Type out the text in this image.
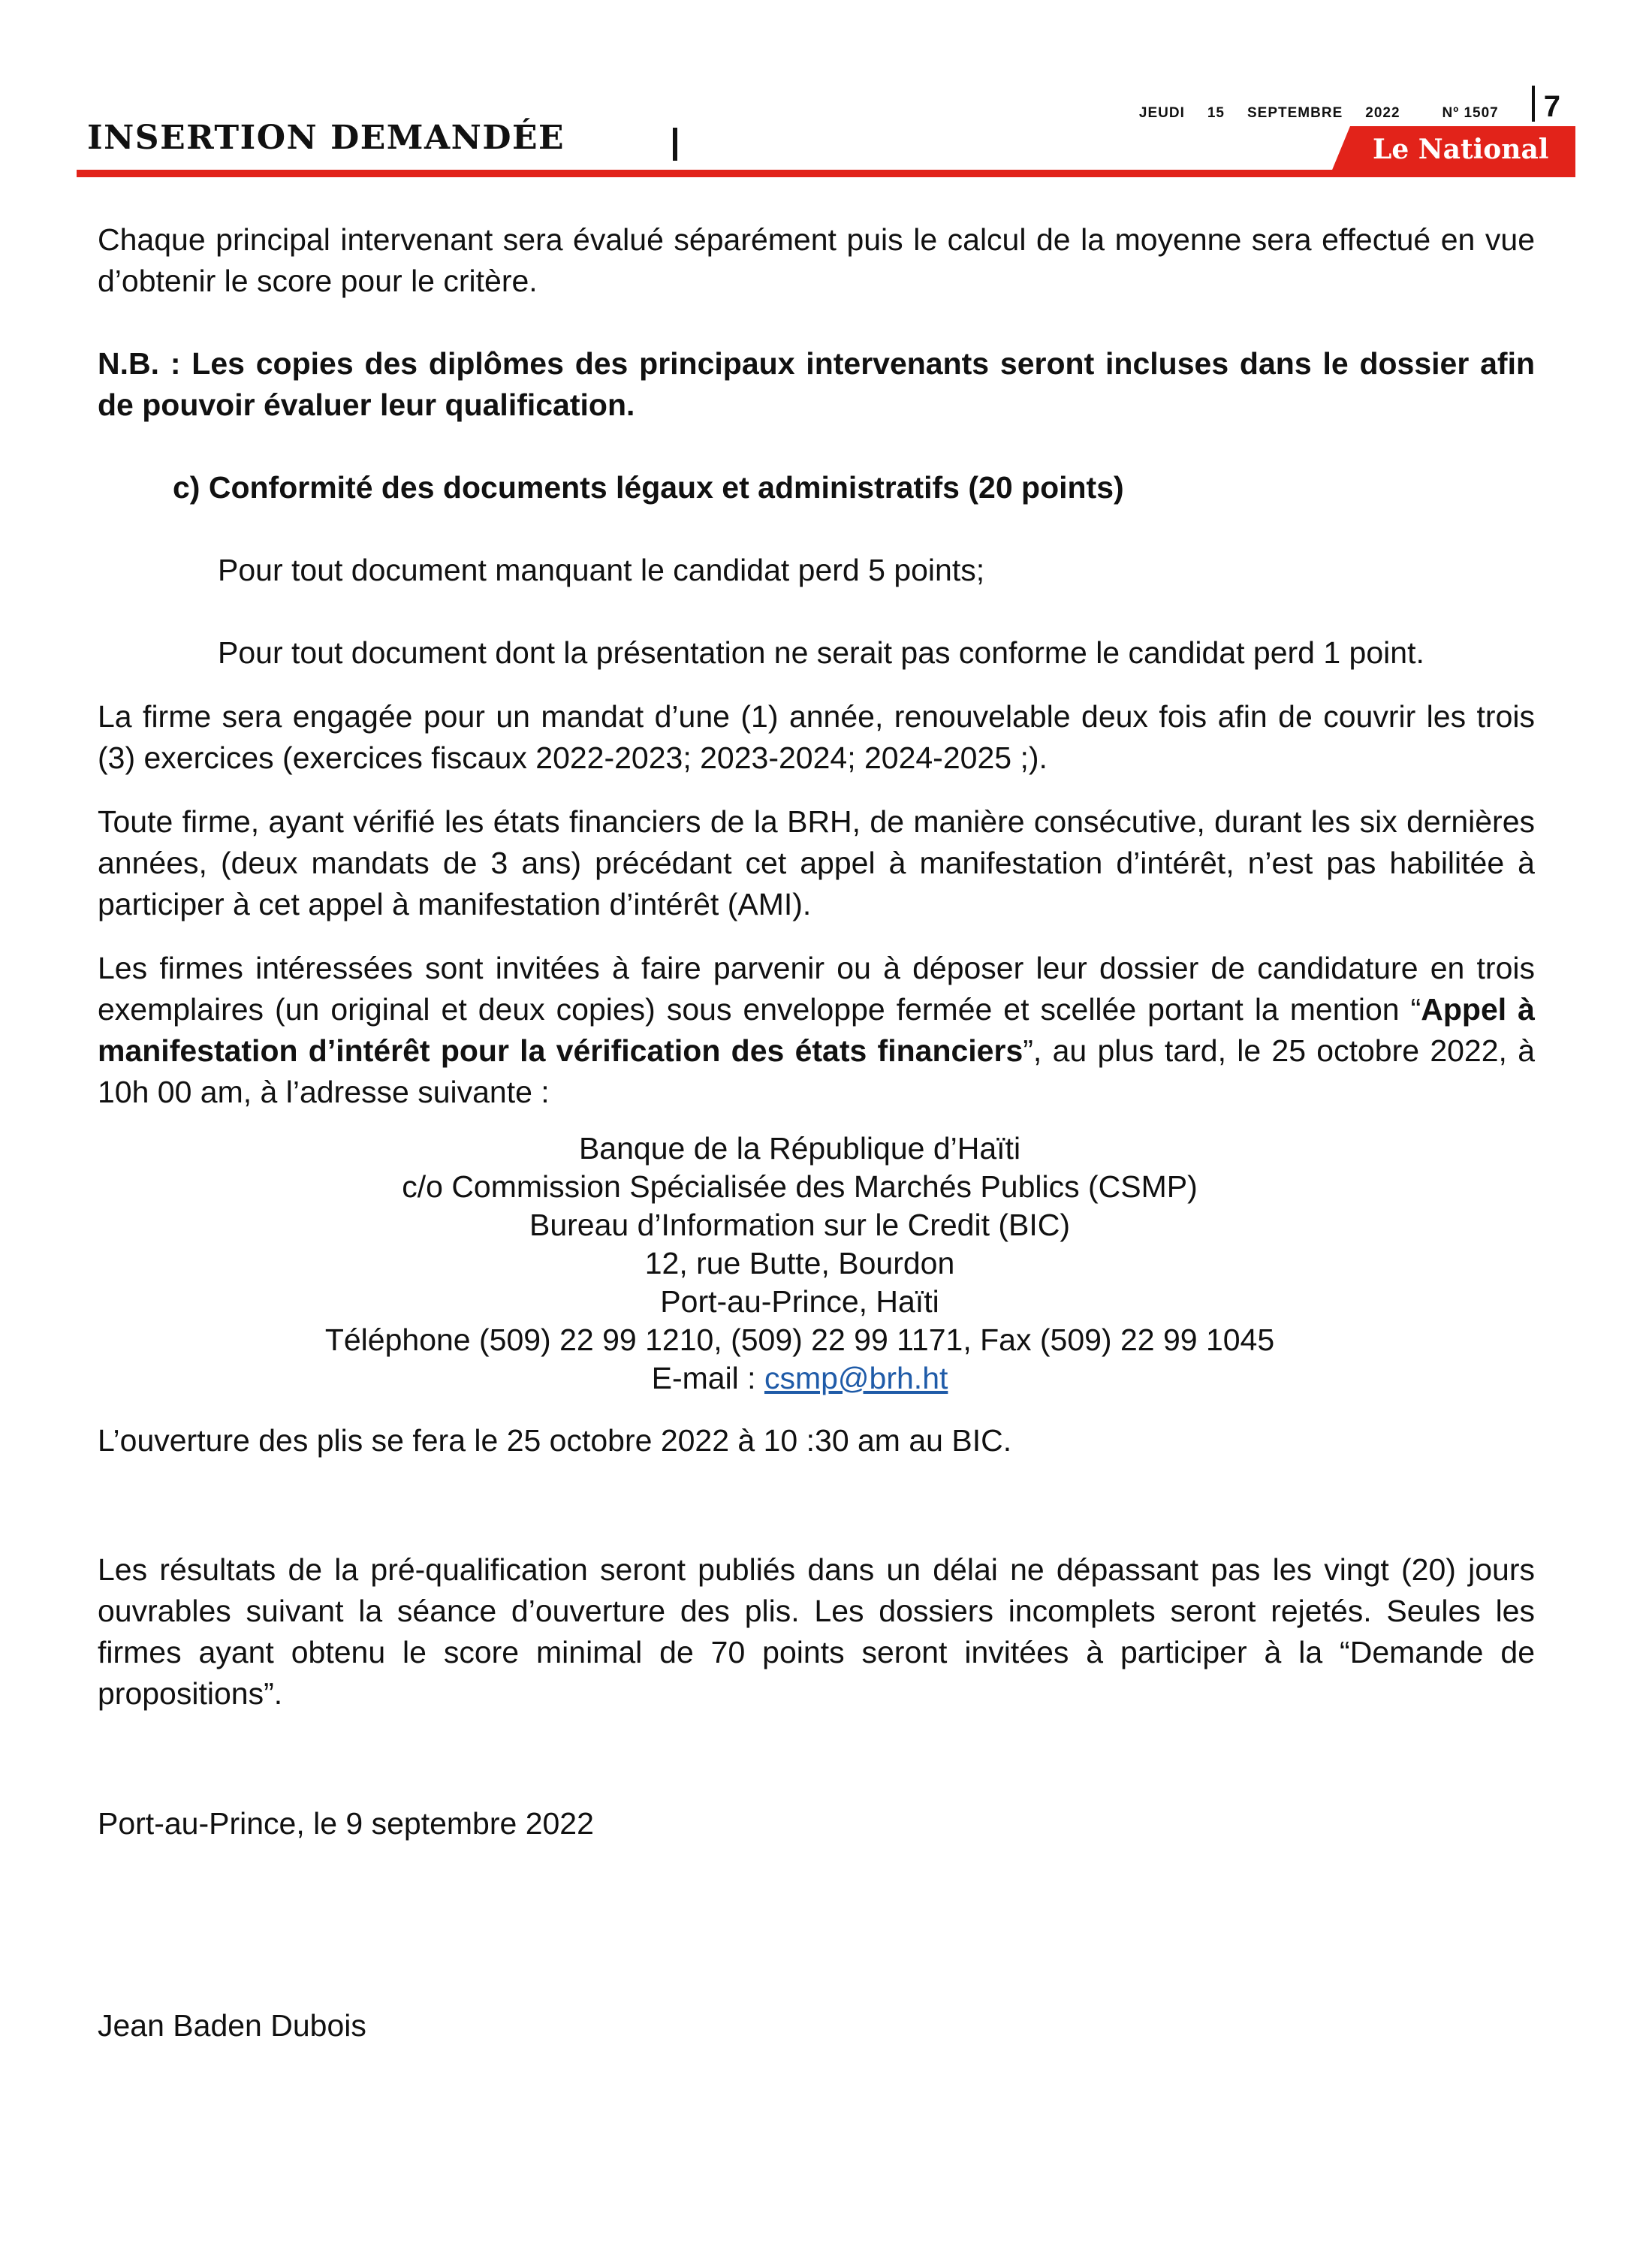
JEUDI 15 SEPTEMBRE 2022	Nº 1507 7
INSERTION DEMANDÉE	Le National

Chaque principal intervenant sera évalué séparément puis le calcul de la moyenne sera effectué en vue d’obtenir le score pour le critère.

N.B. : Les copies des diplômes des principaux intervenants seront incluses dans le dossier afin de pouvoir évaluer leur qualification.

c) Conformité des documents légaux et administratifs (20 points)

Pour tout document manquant le candidat perd 5 points;

Pour tout document dont la présentation ne serait pas conforme le candidat perd 1 point.

La firme sera engagée pour un mandat d’une (1) année, renouvelable deux fois afin de couvrir les trois (3) exercices (exercices fiscaux 2022-2023; 2023-2024; 2024-2025 ;).

Toute firme, ayant vérifié les états financiers de la BRH, de manière consécutive, durant les six dernières années, (deux mandats de 3 ans) précédant cet appel à manifestation d’intérêt, n’est pas habilitée à participer à cet appel à manifestation d’intérêt (AMI).

Les firmes intéressées sont invitées à faire parvenir ou à déposer leur dossier de candidature en trois exemplaires (un original et deux copies) sous enveloppe fermée et scellée portant la mention “Appel à manifestation d’intérêt pour la vérification des états financiers”, au plus tard, le 25 octobre 2022, à 10h 00 am, à l’adresse suivante :

Banque de la République d’Haïti
c/o Commission Spécialisée des Marchés Publics (CSMP)
Bureau d’Information sur le Credit (BIC)
12, rue Butte, Bourdon
Port-au-Prince, Haïti
Téléphone (509) 22 99 1210, (509) 22 99 1171, Fax (509) 22 99 1045
E-mail : csmp@brh.ht

L’ouverture des plis se fera le 25 octobre 2022 à 10 :30 am au BIC.

Les résultats de la pré-qualification seront publiés dans un délai ne dépassant pas les vingt (20) jours ouvrables suivant la séance d’ouverture des plis. Les dossiers incomplets seront rejetés. Seules les firmes ayant obtenu le score minimal de 70 points seront invitées à participer à la “Demande de propositions”.

Port-au-Prince, le 9 septembre 2022

Jean Baden Dubois
